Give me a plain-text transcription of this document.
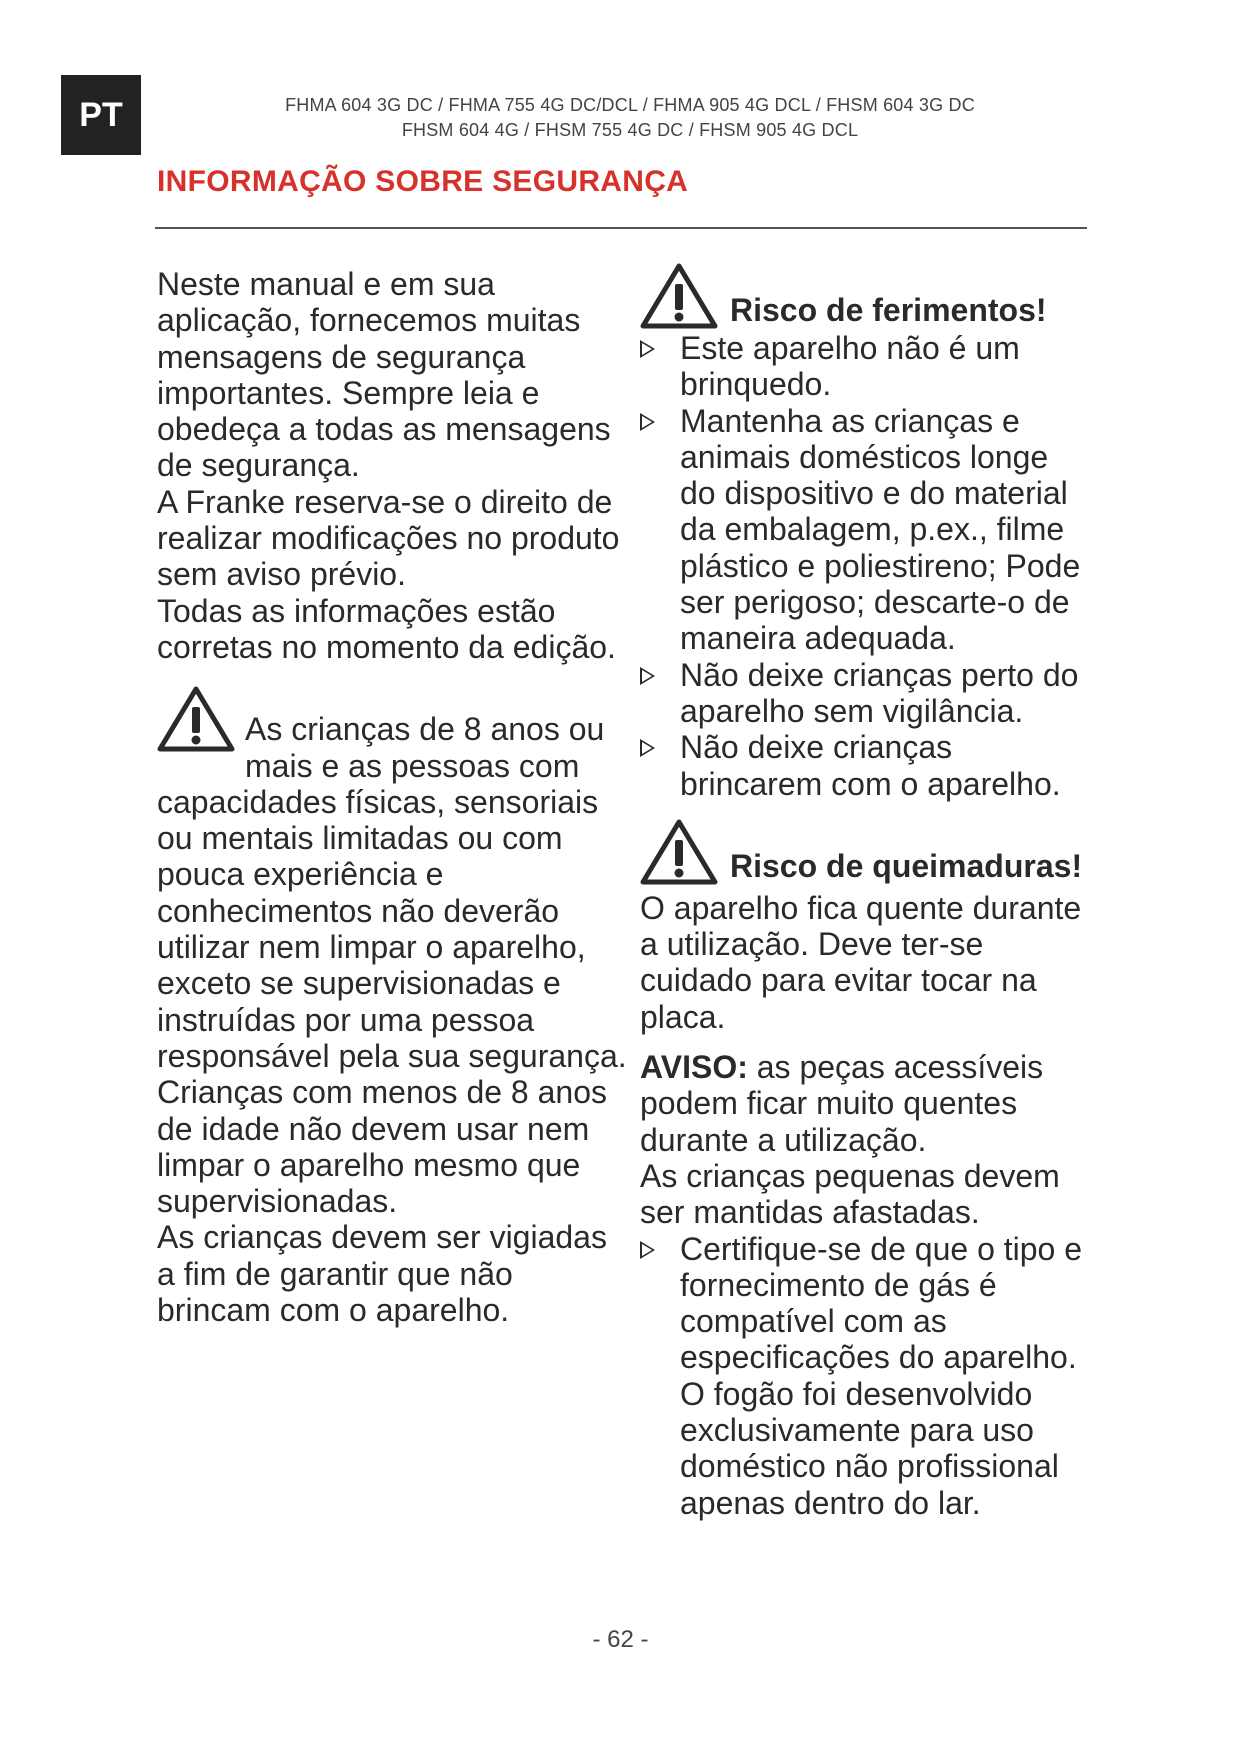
PT	FHMA 604 3G DC / FHMA 755 4G DC/DCL / FHMA 905 4G DCL / FHSM 604 3G DC
FHSM 604 4G / FHSM 755 4G DC / FHSM 905 4G DCL
INFORMAÇÃO SOBRE SEGURANÇA

Neste manual e em sua aplicação, fornecemos muitas mensagens de segurança importantes. Sempre leia e obedeça a todas as mensagens de segurança.

A Franke reserva-se o direito de realizar modificações no produto sem aviso prévio.

Todas as informações estão corretas no momento da edição.

As crianças de 8 anos ou mais e as pessoas com capacidades físicas, sensoriais ou mentais limitadas ou com pouca experiência e conhecimentos não deverão utilizar nem limpar o aparelho, exceto se supervisionadas e instruídas por uma pessoa responsável pela sua segurança.

Crianças com menos de 8 anos de idade não devem usar nem limpar o aparelho mesmo que supervisionadas.

As crianças devem ser vigiadas a fim de garantir que não brincam com o aparelho.

Risco de ferimentos!
Este aparelho não é um brinquedo.
Mantenha as crianças e animais domésticos longe do dispositivo e do material da embalagem, p.ex., filme plástico e poliestireno; Pode ser perigoso; descarte-o de maneira adequada.
Não deixe crianças perto do aparelho sem vigilância.
Não deixe crianças brincarem com o aparelho.
Risco de queimaduras!

O aparelho fica quente durante a utilização. Deve ter-se cuidado para evitar tocar na placa.

AVISO: as peças acessíveis podem ficar muito quentes durante a utilização.

As crianças pequenas devem ser mantidas afastadas.

Certifique-se de que o tipo e fornecimento de gás é compatível com as especificações do aparelho. O fogão foi desenvolvido exclusivamente para uso doméstico não profissional apenas dentro do lar.
- 62 -
